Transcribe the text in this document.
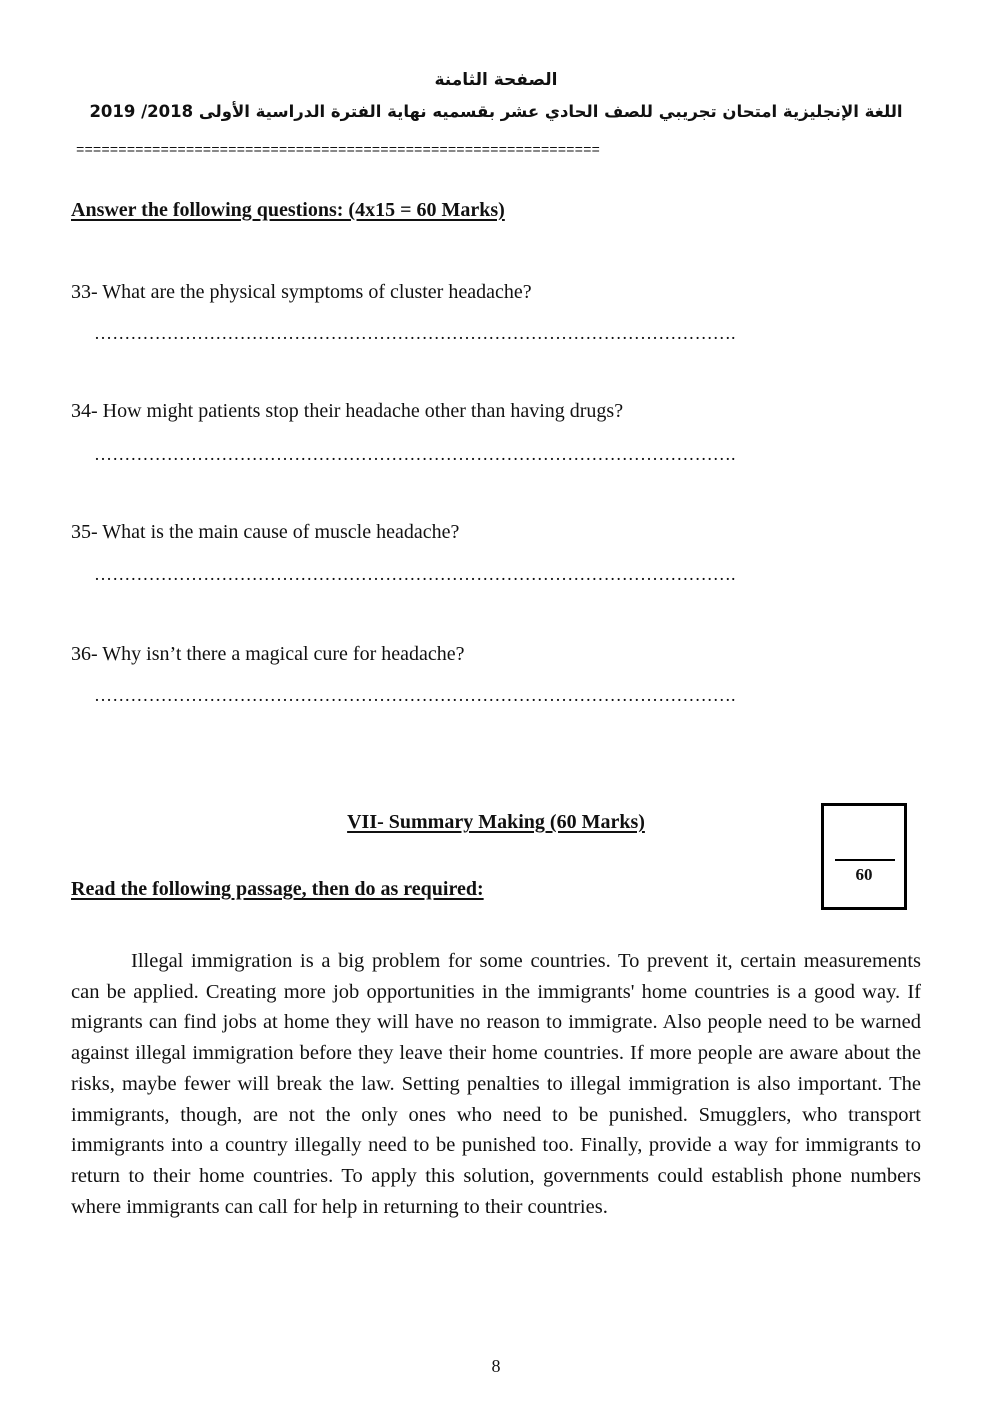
الصفحة الثامنة
اللغة الإنجليزية امتحان تجريبي للصف الحادي عشر بقسميه نهاية الفترة الدراسية الأولى 2018/ 2019
==============================================================
Answer the following questions: (4x15 = 60 Marks)
33- What are the physical symptoms of cluster headache?
…………………………………………………………………………………………….
34- How might patients stop their headache other than having drugs?
…………………………………………………………………………………………….
35- What is the main cause of muscle headache?
…………………………………………………………………………………………….
36- Why isn’t there a magical cure for headache?
…………………………………………………………………………………………….
VII- Summary Making (60 Marks)
60
Read the following passage, then do as required:

Illegal immigration is a big problem for some countries. To prevent it, certain measurements can be applied. Creating more job opportunities in the immigrants' home countries is a good way. If migrants can find jobs at home they will have no reason to immigrate. Also people need to be warned against illegal immigration before they leave their home countries. If more people are aware about the risks, maybe fewer will break the law. Setting penalties to illegal immigration is also important. The immigrants, though, are not the only ones who need to be punished. Smugglers, who transport immigrants into a country illegally need to be punished too. Finally, provide a way for immigrants to return to their home countries. To apply this solution, governments could establish phone numbers where immigrants can call for help in returning to their countries.

8
